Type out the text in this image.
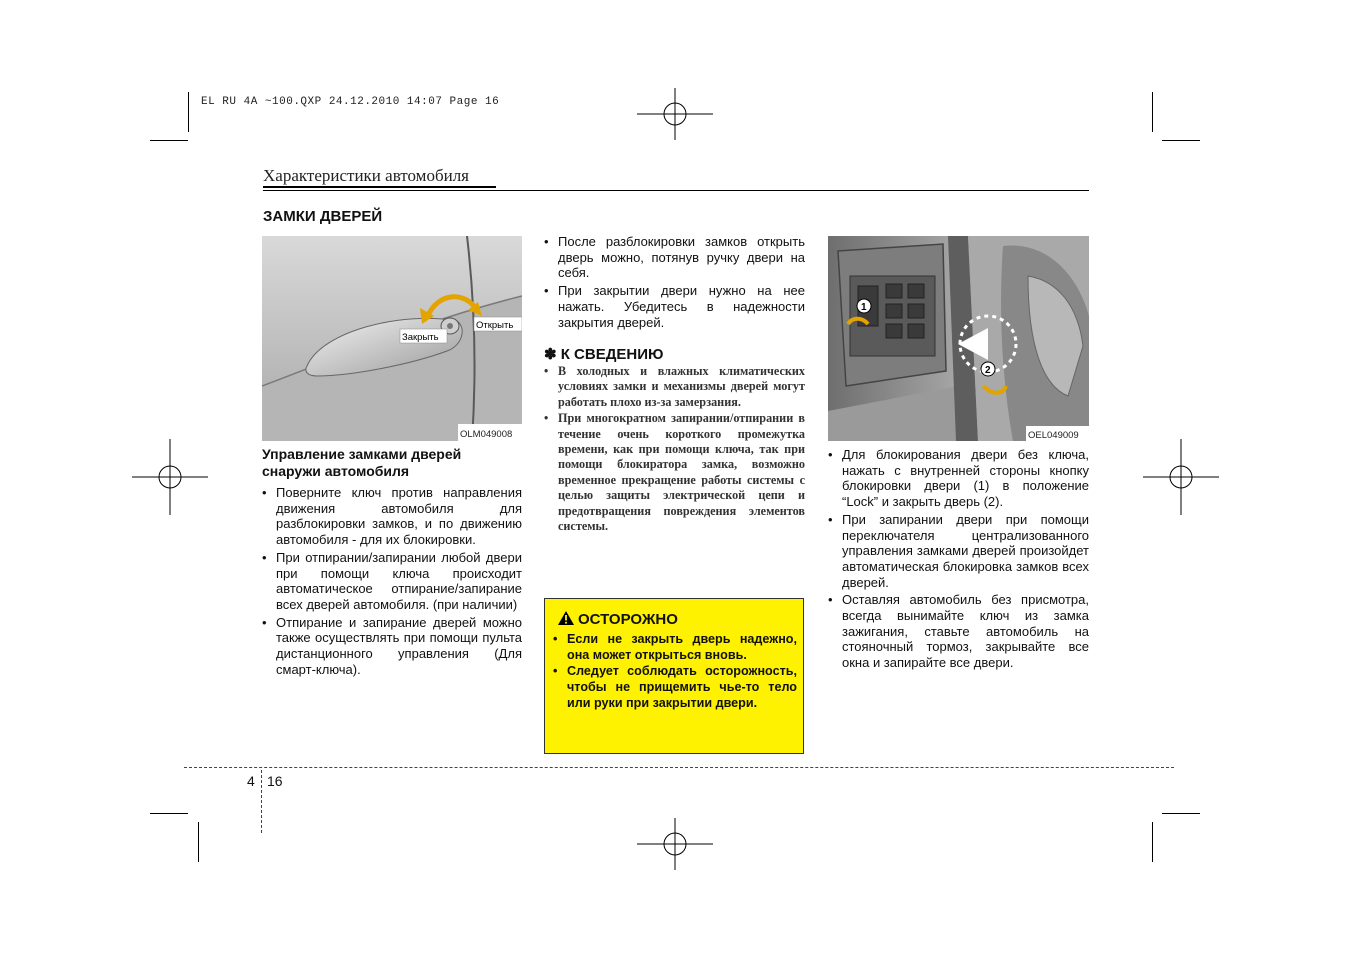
EL RU 4A ~100.QXP 24.12.2010 14:07 Page 16
Характеристики автомобиля
ЗАМКИ ДВЕРЕЙ
Закрыть
Открыть
OLM049008
Управление замками дверей снаружи автомобиля
• Поверните ключ против направления движения автомобиля для разблокировки замков, и по движению автомобиля - для их блокировки.
• При отпирании/запирании любой двери при помощи ключа происходит автоматическое отпирание/запирание всех дверей автомобиля. (при наличии)
• Отпирание и запирание дверей можно также осуществлять при помощи пульта дистанционного управления (Для смарт-ключа).
• После разблокировки замков открыть дверь можно, потянув ручку двери на себя.
• При закрытии двери нужно на нее нажать. Убедитесь в надежности закрытия дверей.
✽ К СВЕДЕНИЮ
• В холодных и влажных климатических условиях замки и механизмы дверей могут работать плохо из-за замерзания.
• При многократном запирании/отпирании в течение очень короткого промежутка времени, как при помощи ключа, так при помощи блокиратора замка, возможно временное прекращение работы системы с целью защиты электрической цепи и предотвращения повреждения элементов системы.
ОСТОРОЖНО
• Если не закрыть дверь надежно, она может открыться вновь.
• Следует соблюдать осторожность, чтобы не прищемить чье-то тело или руки при закрытии двери.
1
2
OEL049009
• Для блокирования двери без ключа, нажать с внутренней стороны кнопку блокировки двери (1) в положение “Lock” и закрыть дверь (2).
• При запирании двери при помощи переключателя централизованного управления замками дверей произойдет автоматическая блокировка замков всех дверей.
• Оставляя автомобиль без присмотра, всегда вынимайте ключ из замка зажигания, ставьте автомобиль на стояночный тормоз, закрывайте все окна и запирайте все двери.
4 16
